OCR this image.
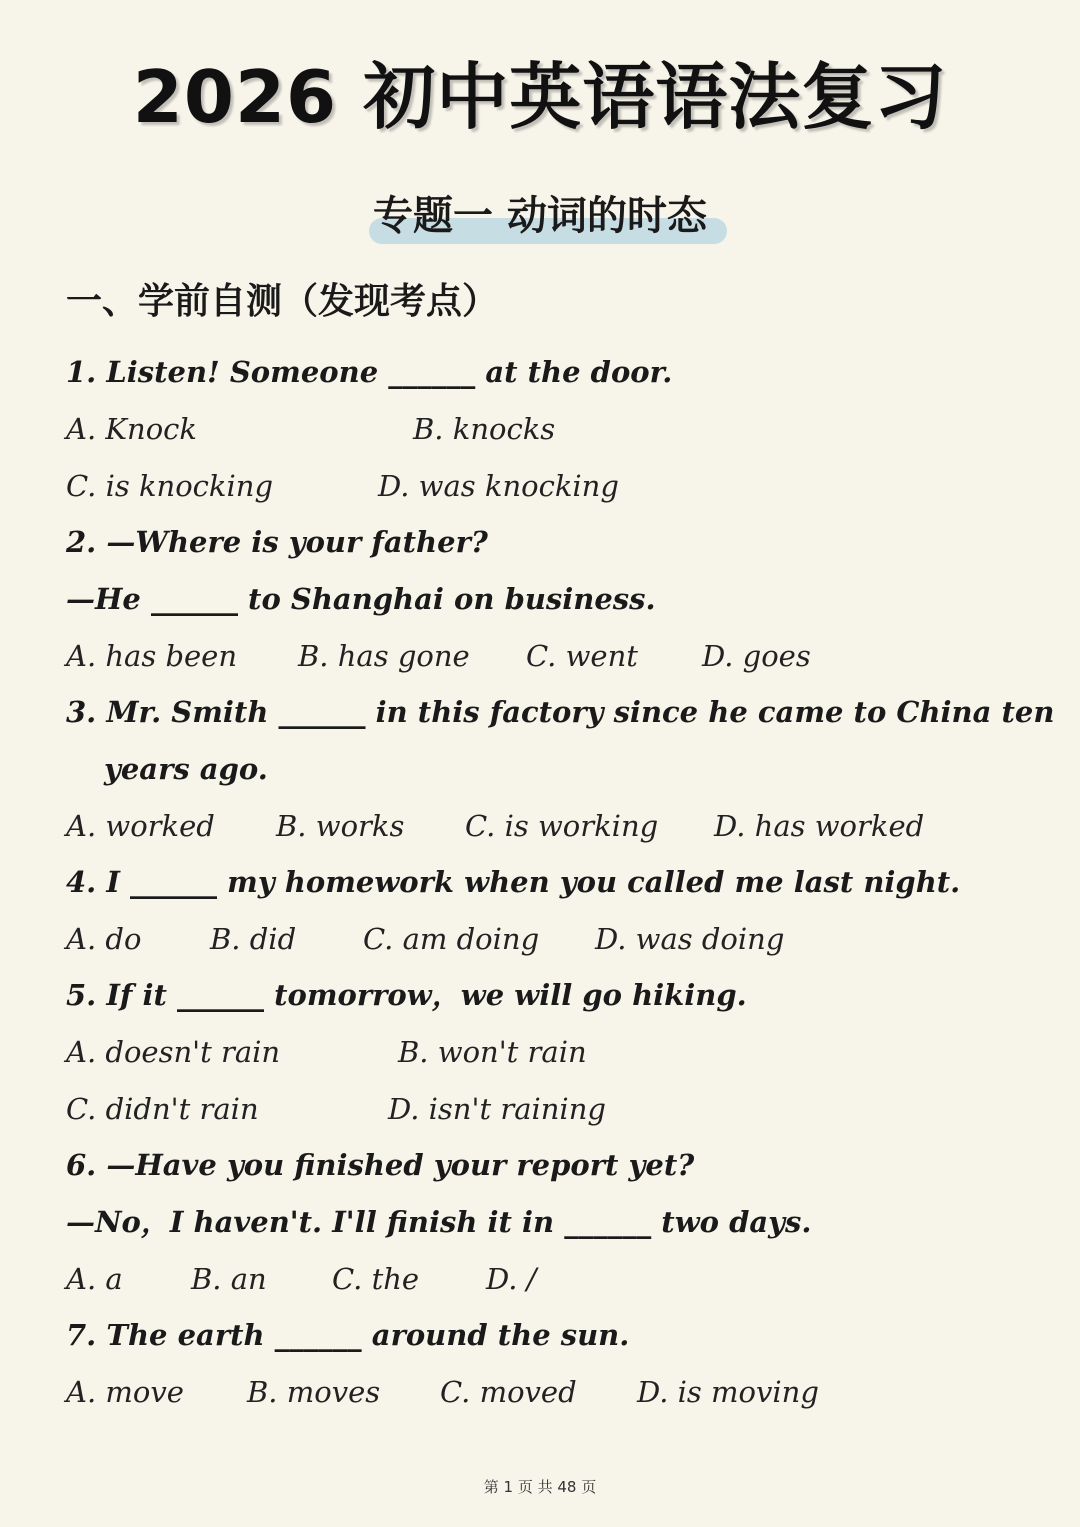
2026 初中英语语法复习
专题一 动词的时态
一、学前自测（发现考点）
1. Listen! Someone ______ at the door.
A. Knock	B. knocks
C. is knocking	D. was knocking
2. —Where is your father?
—He ______ to Shanghai on business.
A. has been B. has gone C. went D. goes
3. Mr. Smith ______ in this factory since he came to China ten
years ago.
A. worked B. works C. is working D. has worked
4. I ______ my homework when you called me last night.
A. do B. did C. am doing D. was doing
5. If it ______ tomorrow，we will go hiking.
A. doesn't rain	B. won't rain
C. didn't rain	D. isn't raining
6. —Have you finished your report yet?
—No，I haven't. I'll finish it in ______ two days.
A. a B. an C. the D. /
7. The earth ______ around the sun.
A. move B. moves C. moved D. is moving
第 1 页 共 48 页
